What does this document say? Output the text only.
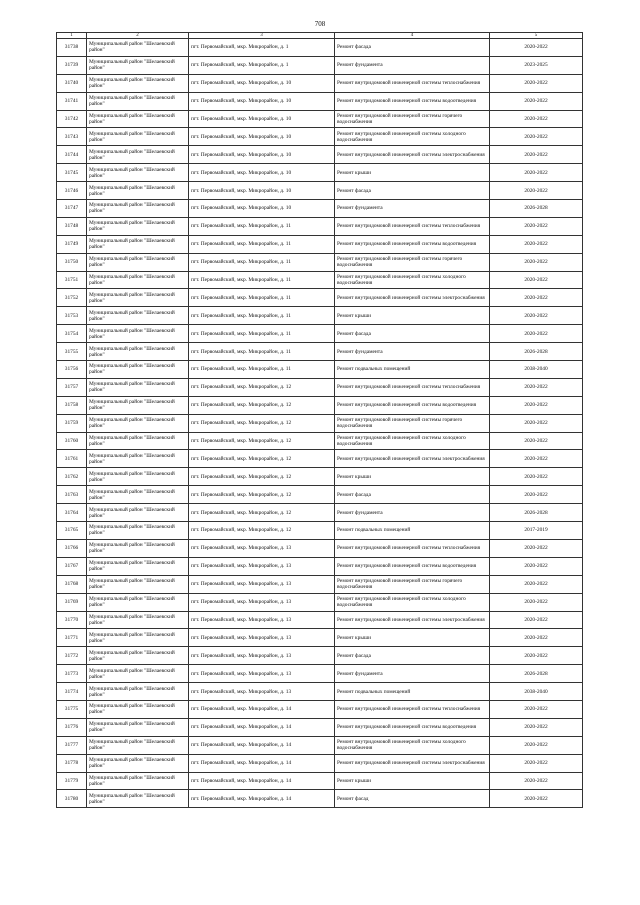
708
1	2	3	4	5
31738	Муниципальный район "Шелаевский район"	пгт. Первомайский, мкр. Микрорайон, д. 1	Ремонт фасада	2020-2022
31739	Муниципальный район "Шелаевский район"	пгт. Первомайский, мкр. Микрорайон, д. 1	Ремонт фундамента	2023-2025
31740	Муниципальный район "Шелаевский район"	пгт. Первомайский, мкр. Микрорайон, д. 10	Ремонт внутридомовой инженерной системы теплоснабжения	2020-2022
31741	Муниципальный район "Шелаевский район"	пгт. Первомайский, мкр. Микрорайон, д. 10	Ремонт внутридомовой инженерной системы водоотведения	2020-2022
31742	Муниципальный район "Шелаевский район"	пгт. Первомайский, мкр. Микрорайон, д. 10	Ремонт внутридомовой инженерной системы горячего водоснабжения	2020-2022
31743	Муниципальный район "Шелаевский район"	пгт. Первомайский, мкр. Микрорайон, д. 10	Ремонт внутридомовой инженерной системы холодного водоснабжения	2020-2022
31744	Муниципальный район "Шелаевский район"	пгт. Первомайский, мкр. Микрорайон, д. 10	Ремонт внутридомовой инженерной системы электроснабжения	2020-2022
31745	Муниципальный район "Шелаевский район"	пгт. Первомайский, мкр. Микрорайон, д. 10	Ремонт крыши	2020-2022
31746	Муниципальный район "Шелаевский район"	пгт. Первомайский, мкр. Микрорайон, д. 10	Ремонт фасада	2020-2022
31747	Муниципальный район "Шелаевский район"	пгт. Первомайский, мкр. Микрорайон, д. 10	Ремонт фундамента	2026-2028
31748	Муниципальный район "Шелаевский район"	пгт. Первомайский, мкр. Микрорайон, д. 11	Ремонт внутридомовой инженерной системы теплоснабжения	2020-2022
31749	Муниципальный район "Шелаевский район"	пгт. Первомайский, мкр. Микрорайон, д. 11	Ремонт внутридомовой инженерной системы водоотведения	2020-2022
31750	Муниципальный район "Шелаевский район"	пгт. Первомайский, мкр. Микрорайон, д. 11	Ремонт внутридомовой инженерной системы горячего водоснабжения	2020-2022
31751	Муниципальный район "Шелаевский район"	пгт. Первомайский, мкр. Микрорайон, д. 11	Ремонт внутридомовой инженерной системы холодного водоснабжения	2020-2022
31752	Муниципальный район "Шелаевский район"	пгт. Первомайский, мкр. Микрорайон, д. 11	Ремонт внутридомовой инженерной системы электроснабжения	2020-2022
31753	Муниципальный район "Шелаевский район"	пгт. Первомайский, мкр. Микрорайон, д. 11	Ремонт крыши	2020-2022
31754	Муниципальный район "Шелаевский район"	пгт. Первомайский, мкр. Микрорайон, д. 11	Ремонт фасада	2020-2022
31755	Муниципальный район "Шелаевский район"	пгт. Первомайский, мкр. Микрорайон, д. 11	Ремонт фундамента	2026-2028
31756	Муниципальный район "Шелаевский район"	пгт. Первомайский, мкр. Микрорайон, д. 11	Ремонт подвальных помещений	2038-2040
31757	Муниципальный район "Шелаевский район"	пгт. Первомайский, мкр. Микрорайон, д. 12	Ремонт внутридомовой инженерной системы теплоснабжения	2020-2022
31758	Муниципальный район "Шелаевский район"	пгт. Первомайский, мкр. Микрорайон, д. 12	Ремонт внутридомовой инженерной системы водоотведения	2020-2022
31759	Муниципальный район "Шелаевский район"	пгт. Первомайский, мкр. Микрорайон, д. 12	Ремонт внутридомовой инженерной системы горячего водоснабжения	2020-2022
31760	Муниципальный район "Шелаевский район"	пгт. Первомайский, мкр. Микрорайон, д. 12	Ремонт внутридомовой инженерной системы холодного водоснабжения	2020-2022
31761	Муниципальный район "Шелаевский район"	пгт. Первомайский, мкр. Микрорайон, д. 12	Ремонт внутридомовой инженерной системы электроснабжения	2020-2022
31762	Муниципальный район "Шелаевский район"	пгт. Первомайский, мкр. Микрорайон, д. 12	Ремонт крыши	2020-2022
31763	Муниципальный район "Шелаевский район"	пгт. Первомайский, мкр. Микрорайон, д. 12	Ремонт фасада	2020-2022
31764	Муниципальный район "Шелаевский район"	пгт. Первомайский, мкр. Микрорайон, д. 12	Ремонт фундамента	2026-2028
31765	Муниципальный район "Шелаевский район"	пгт. Первомайский, мкр. Микрорайон, д. 12	Ремонт подвальных помещений	2017-2019
31766	Муниципальный район "Шелаевский район"	пгт. Первомайский, мкр. Микрорайон, д. 13	Ремонт внутридомовой инженерной системы теплоснабжения	2020-2022
31767	Муниципальный район "Шелаевский район"	пгт. Первомайский, мкр. Микрорайон, д. 13	Ремонт внутридомовой инженерной системы водоотведения	2020-2022
31768	Муниципальный район "Шелаевский район"	пгт. Первомайский, мкр. Микрорайон, д. 13	Ремонт внутридомовой инженерной системы горячего водоснабжения	2020-2022
31769	Муниципальный район "Шелаевский район"	пгт. Первомайский, мкр. Микрорайон, д. 13	Ремонт внутридомовой инженерной системы холодного водоснабжения	2020-2022
31770	Муниципальный район "Шелаевский район"	пгт. Первомайский, мкр. Микрорайон, д. 13	Ремонт внутридомовой инженерной системы электроснабжения	2020-2022
31771	Муниципальный район "Шелаевский район"	пгт. Первомайский, мкр. Микрорайон, д. 13	Ремонт крыши	2020-2022
31772	Муниципальный район "Шелаевский район"	пгт. Первомайский, мкр. Микрорайон, д. 13	Ремонт фасада	2020-2022
31773	Муниципальный район "Шелаевский район"	пгт. Первомайский, мкр. Микрорайон, д. 13	Ремонт фундамента	2026-2028
31774	Муниципальный район "Шелаевский район"	пгт. Первомайский, мкр. Микрорайон, д. 13	Ремонт подвальных помещений	2038-2040
31775	Муниципальный район "Шелаевский район"	пгт. Первомайский, мкр. Микрорайон, д. 14	Ремонт внутридомовой инженерной системы теплоснабжения	2020-2022
31776	Муниципальный район "Шелаевский район"	пгт. Первомайский, мкр. Микрорайон, д. 14	Ремонт внутридомовой инженерной системы водоотведения	2020-2022
31777	Муниципальный район "Шелаевский район"	пгт. Первомайский, мкр. Микрорайон, д. 14	Ремонт внутридомовой инженерной системы холодного водоснабжения	2020-2022
31778	Муниципальный район "Шелаевский район"	пгт. Первомайский, мкр. Микрорайон, д. 14	Ремонт внутридомовой инженерной системы электроснабжения	2020-2022
31779	Муниципальный район "Шелаевский район"	пгт. Первомайский, мкр. Микрорайон, д. 14	Ремонт крыши	2020-2022
31780	Муниципальный район "Шелаевский район"	пгт. Первомайский, мкр. Микрорайон, д. 14	Ремонт фасад	2020-2022
